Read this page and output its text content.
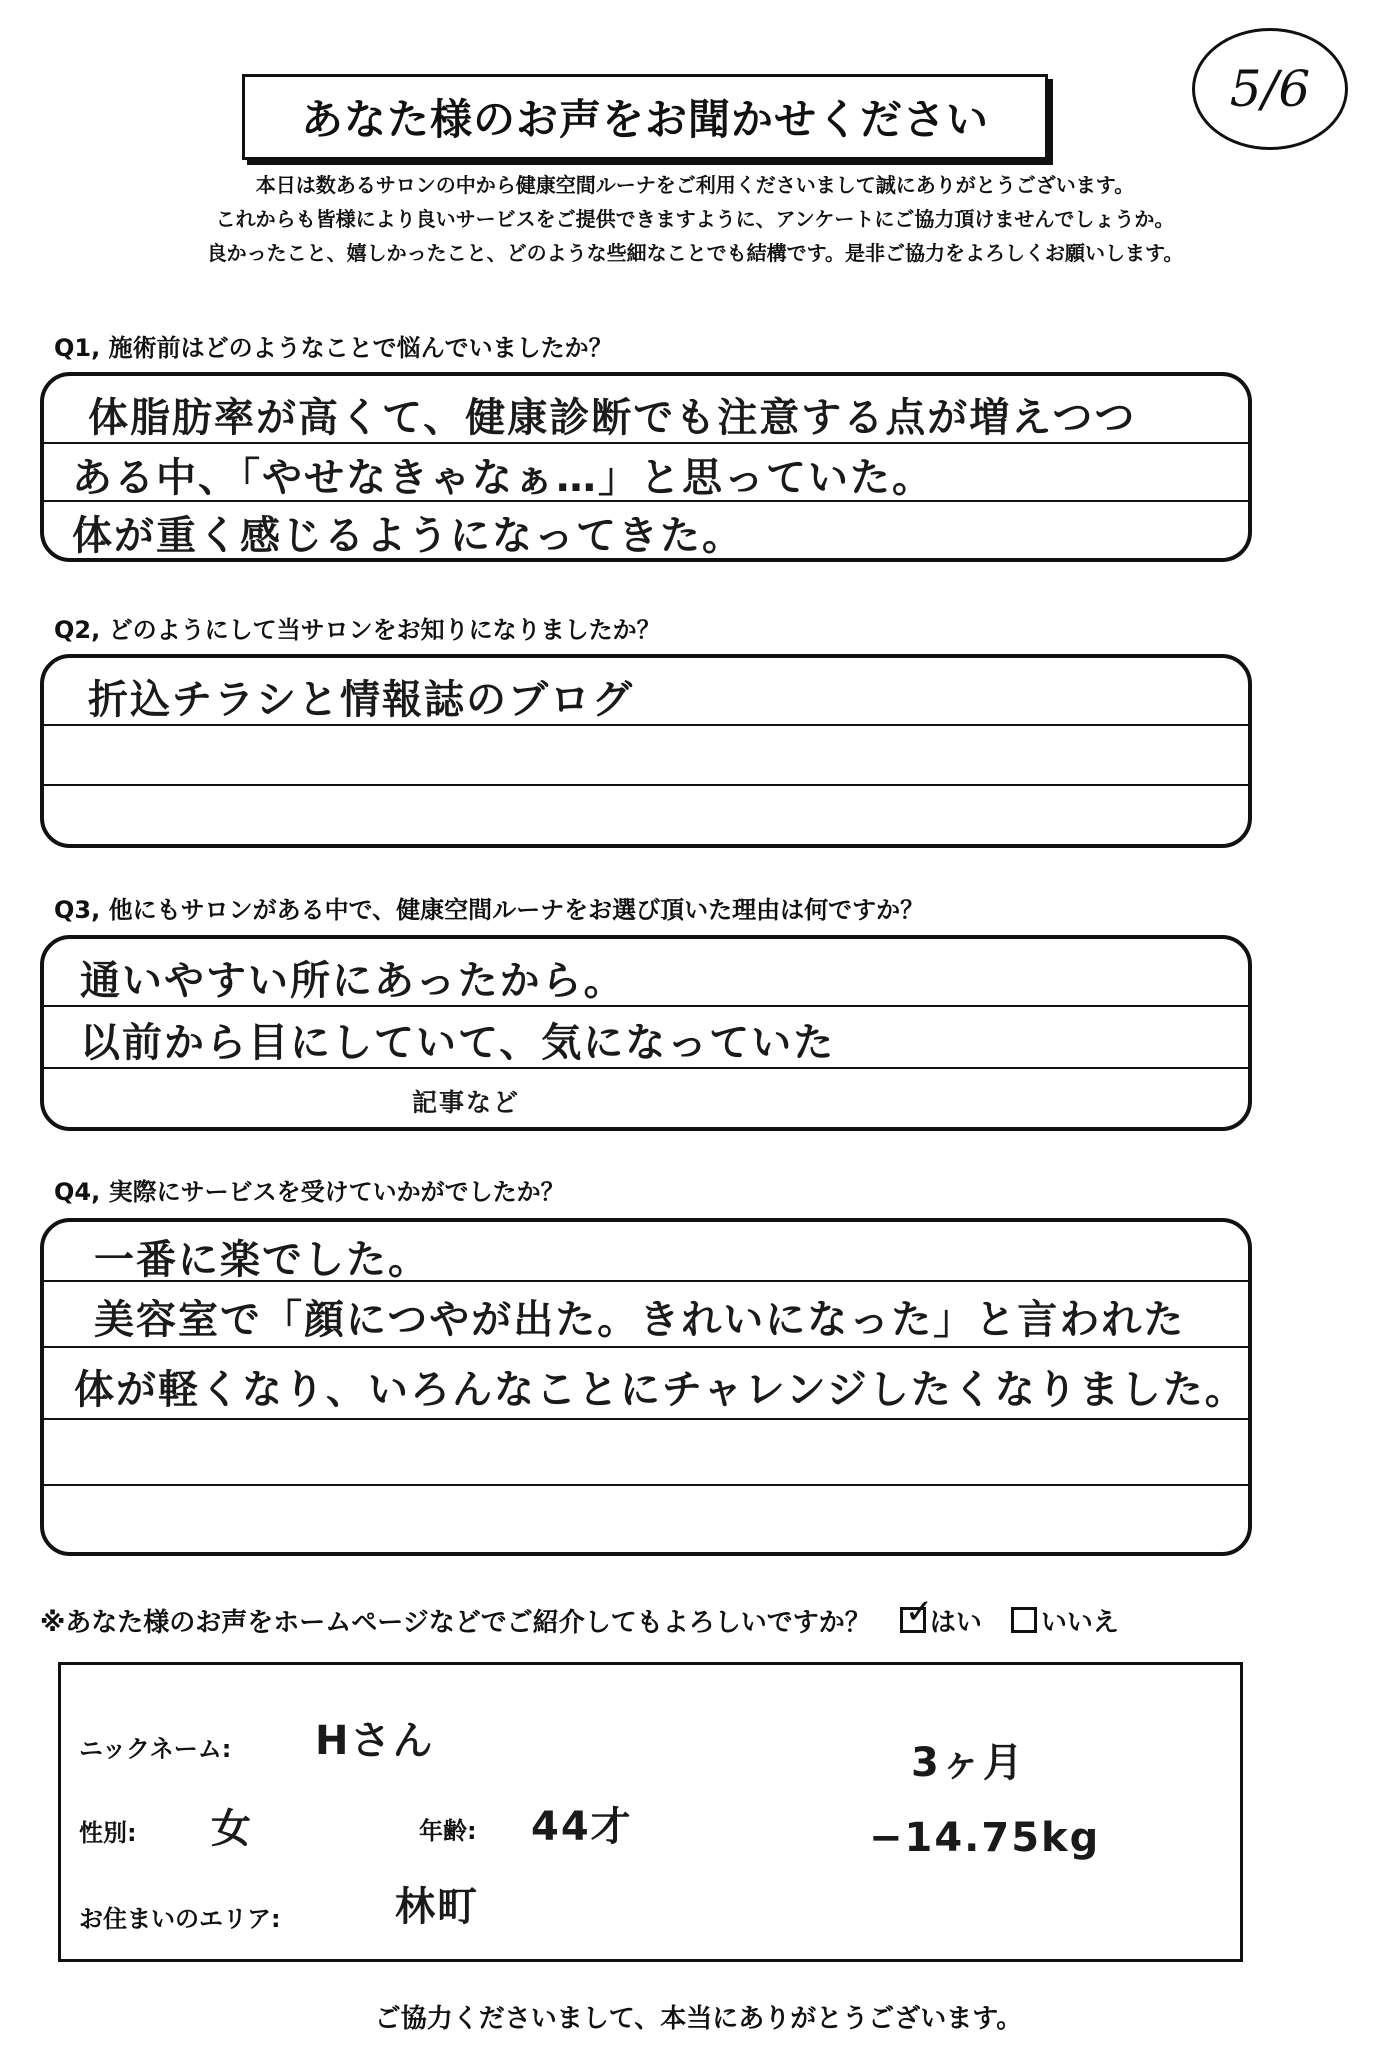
5/6
あなた様のお声をお聞かせください
本日は数あるサロンの中から健康空間ルーナをご利用くださいまして誠にありがとうございます。
これからも皆様により良いサービスをご提供できますように、アンケートにご協力頂けませんでしょうか。
良かったこと、嬉しかったこと、どのような些細なことでも結構です。是非ご協力をよろしくお願いします。
Q1, 施術前はどのようなことで悩んでいましたか？
体脂肪率が高くて、健康診断でも注意する点が増えつつ
ある中、「やせなきゃなぁ…」と思っていた。
体が重く感じるようになってきた。
Q2, どのようにして当サロンをお知りになりましたか？
折込チラシと情報誌のブログ
Q3, 他にもサロンがある中で、健康空間ルーナをお選び頂いた理由は何ですか？
通いやすい所にあったから。
以前から目にしていて、気になっていた
記事など
Q4, 実際にサービスを受けていかがでしたか？
一番に楽でした。
美容室で「顔につやが出た。きれいになった」と言われた
体が軽くなり、いろんなことにチャレンジしたくなりました。
※あなた様のお声をホームページなどでご紹介してもよろしいですか？ ✓
はい いいえ
ニックネーム: Hさん
性別: 女	年齢: 44才
お住まいのエリア:	林町
3ヶ月
−14.75kg
ご協力くださいまして、本当にありがとうございます。
